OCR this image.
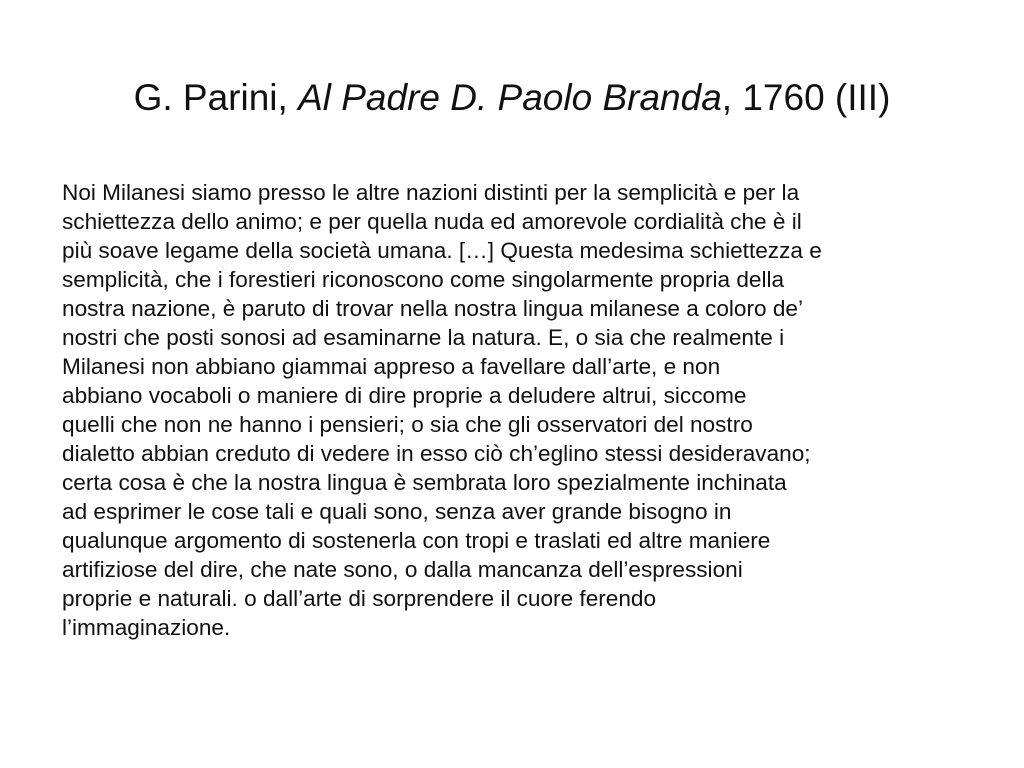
G. Parini, Al Padre D. Paolo Branda, 1760 (III)
Noi Milanesi siamo presso le altre nazioni distinti per la semplicità e per la
schiettezza dello animo; e per quella nuda ed amorevole cordialità che è il
più soave legame della società umana. […] Questa medesima schiettezza e
semplicità, che i forestieri riconoscono come singolarmente propria della
nostra nazione, è paruto di trovar nella nostra lingua milanese a coloro de’
nostri che posti sonosi ad esaminarne la natura. E, o sia che realmente i
Milanesi non abbiano giammai appreso a favellare dall’arte, e non
abbiano vocaboli o maniere di dire proprie a deludere altrui, siccome
quelli che non ne hanno i pensieri; o sia che gli osservatori del nostro
dialetto abbian creduto di vedere in esso ciò ch’eglino stessi desideravano;
certa cosa è che la nostra lingua è sembrata loro spezialmente inchinata
ad esprimer le cose tali e quali sono, senza aver grande bisogno in
qualunque argomento di sostenerla con tropi e traslati ed altre maniere
artifiziose del dire, che nate sono, o dalla mancanza dell’espressioni
proprie e naturali. o dall’arte di sorprendere il cuore ferendo
l’immaginazione.
